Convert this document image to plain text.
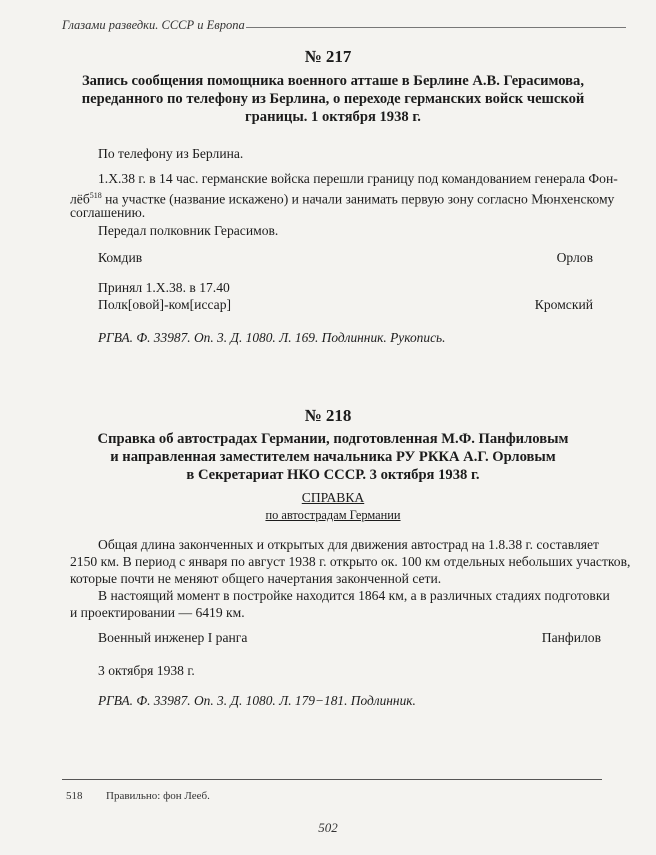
Глазами разведки. СССР и Европа
№ 217
Запись сообщения помощника военного атташе в Берлине А.В. Герасимова, переданного по телефону из Берлина, о переходе германских войск чешской границы. 1 октября 1938 г.
По телефону из Берлина.
1.Х.38 г. в 14 час. германские войска перешли границу под командованием генерала Фон-
лёб$^{518}$ на участке (название искажено) и начали занимать первую зону согласно Мюнхенскому
соглашению.
Передал полковник Герасимов.
Комдив	Орлов
Принял 1.Х.38. в 17.40
Полк[овой]-ком[иссар]	Кромский
РГВА. Ф. 33987. Оп. 3. Д. 1080. Л. 169. Подлинник. Рукопись.
№ 218
Справка об автострадах Германии, подготовленная М.Ф. Панфиловым
и направленная заместителем начальника РУ РККА А.Г. Орловым
в Секретариат НКО СССР. 3 октября 1938 г.
СПРАВКА
по автострадам Германии
Общая длина законченных и открытых для движения автострад на 1.8.38 г. составляет
2150 км. В период с января по август 1938 г. открыто ок. 100 км отдельных небольших участков,
которые почти не меняют общего начертания законченной сети.
В настоящий момент в постройке находится 1864 км, а в различных стадиях подготовки
и проектировании — 6419 км.
Военный инженер I ранга	Панфилов
3 октября 1938 г.
РГВА. Ф. 33987. Оп. 3. Д. 1080. Л. 179−181. Подлинник.
518 Правильно: фон Лееб.
502
